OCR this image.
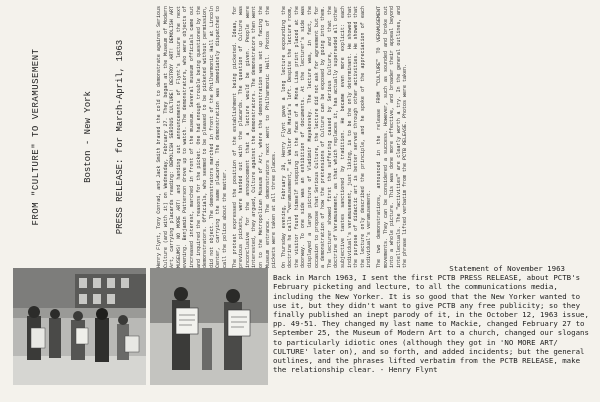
FROM "CULTURE" TO VERAMUSEMENT	Boston - New York PRESS RELEASE: for March-April, 1963	Henry Flynt, Tony Conrad, and Jack Smith braved the cold to demonstrate against Serious Culture (and with it) on Wednesday, February 27. They began at the Museum of Modern Art, carrying placards reading: DEMOLISH SERIOUS CULTURE! DESTROY ART! DEMOLISH ART MUSEUMS! NO MORE ART! and handing out announcements of Flynt's lecture the next evening. Benjamin Patterson drove up to watch. The demonstrators, who were objects of increased interest, marched in front of the museum. Several museum officials came out and inquired the reasons for the picket. One had enough trouble being questioned by the demonstrators. Officials, who seemed to be pleased to be picketed without permission, did not object. The demonstrators marched in front of the Philharmonic Hall at Lincoln Center, carrying the same placards. The demonstration was immediately dispatched to call the police about the matter. The protest expressed the position of the establishment being picketed. Ideas, for previous pickets, were handed out with the placards. The question of Culture was inconclusive for the announcement that a lecture would be given. People were interested, they argued, Culture against the demonstrators. The demonstrators then went on to the Metropolitan Museum of Art, where the demonstration was set up facing the Museum entrance. The demonstrators next went to Philharmonic Hall. Photos of the pickets were taken at all three places. On Thursday evening, February 28, Henry Flynt gave a long lecture expounding the doctrine he calls "veramusement," at Walter De Maria's loft. Despite the lecture room, the visitor found himself stepping in the face of a Mona Lisa print placed at the doorway. To one side was an exhibition of documents. At the lecturer's side was displayed a large picture of Vladimir Mayakovsky. The lecture was, in fact, the occasion to propose that Serious Culture, the lecture did not ask for agreement but for a demonstration of how the pretensions of Culture can be exposed by going into them. The lecturer showed first the suffering caused by Serious Culture, and that the doctrine of Veramusement, as that which replaces it, has actually superseded all other subjective tastes sanctioned by tradition. He became even more explicit: each individual's veramusement, just liking, is to be the only determinant. He showed that the purpose of didactic art is better served through other activities. He showed that the lecture only described the principle, and he spoke of the appreciation of each individual's veramusement. The two demonstrations, announced in the release FROM "CULTURE" TO VERAMUSEMENT movements. They can be considered a success. However, such as sounded and broke out into a whole picture. This was done more effective, and broader their appeal beyond intellectuals. The "activities" are clearly worth a try. In the general outlines, and the phrase lifted verbatim from the PCTB RELEASE. Photos were taken.

Statement of November 1963
Back in March 1963, I sent the first PCTB PRESS RELEASE, about PCTB's February picketing and lecture, to all the communications media, including the New Yorker. It is so good that the New Yorker wanted to use it, but they didn't want to give PCTB any free publicity; so they finally published an inept parody of it, in the October 12, 1963 issue, pp. 49-51. They changed my last name to Mackie, changed February 27 to September 25, the Museum of Modern Art to a church, changed our slogans to particularly idiotic ones (although they got in 'NO MORE ART/ CULTURE' later on), and so forth, and added incidents; but the general outlines, and the phrases lifted verbatim from the PCTB RELEASE, make the relationship clear. - Henry Flynt
